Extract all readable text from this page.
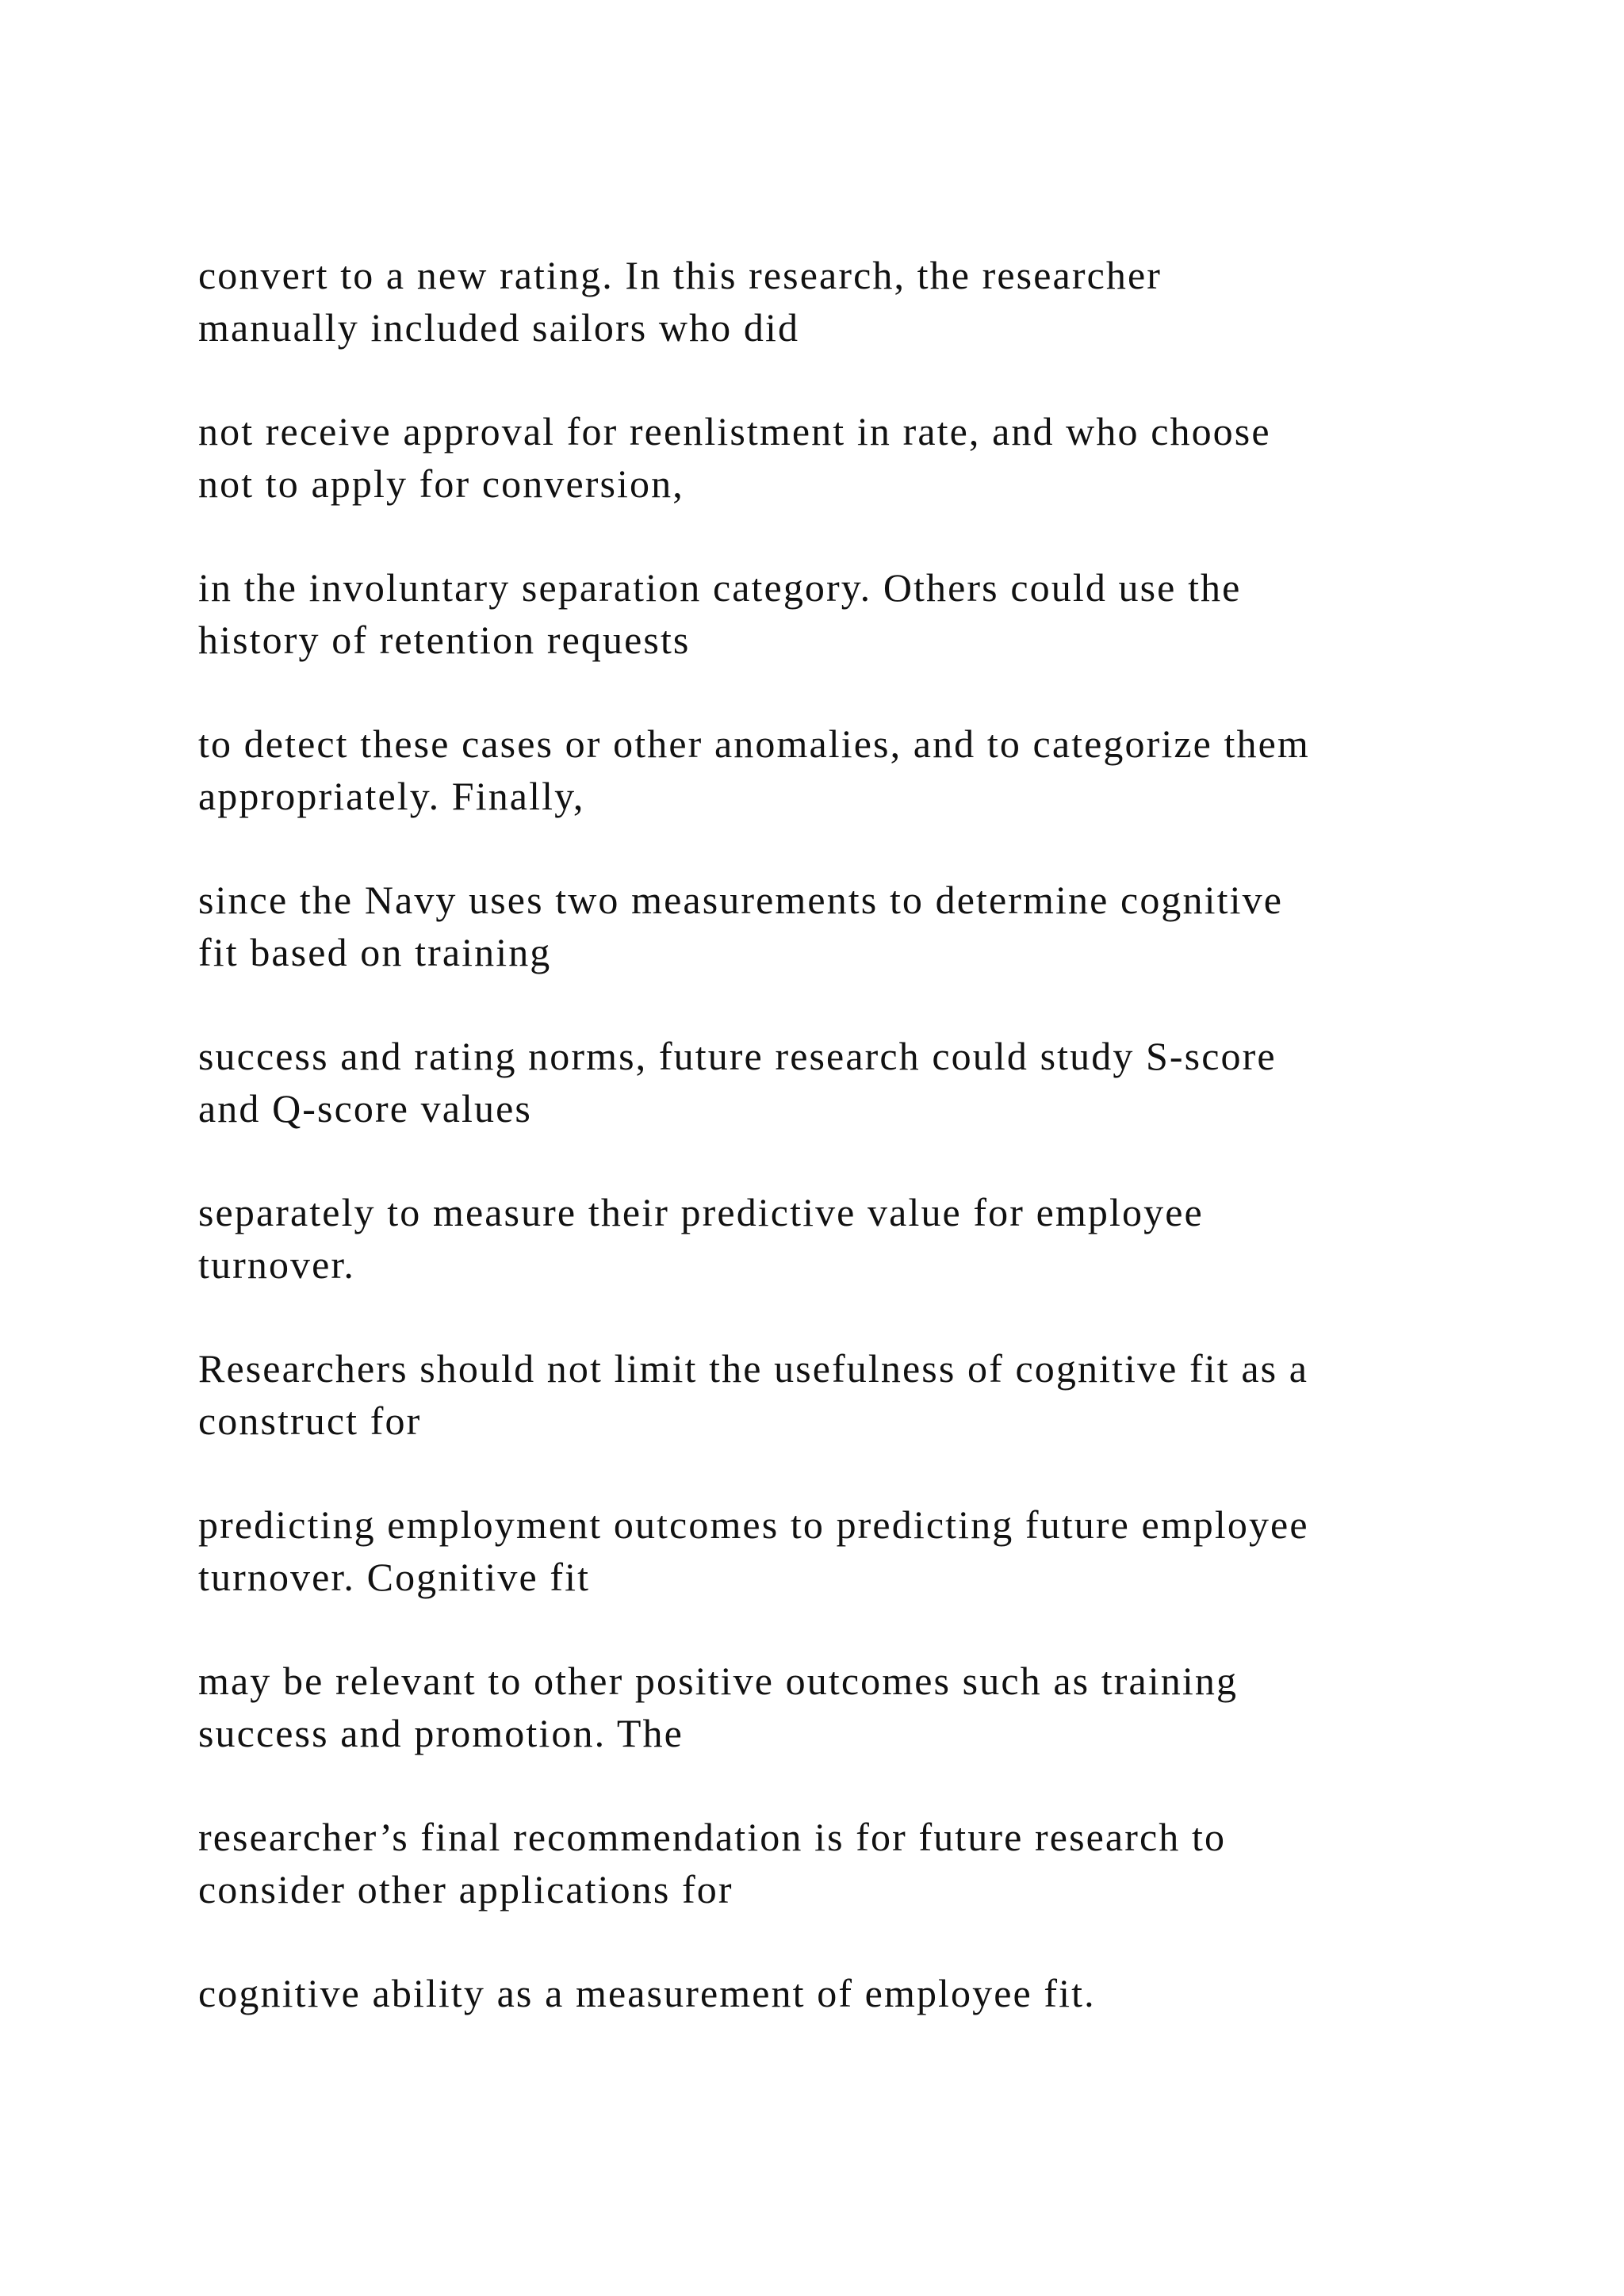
convert to a new rating. In this research, the researcher
manually included sailors who did

not receive approval for reenlistment in rate, and who choose
not to apply for conversion,

in the involuntary separation category. Others could use the
history of retention requests

to detect these cases or other anomalies, and to categorize them
appropriately. Finally,

since the Navy uses two measurements to determine cognitive
fit based on training

success and rating norms, future research could study S-score
and Q-score values

separately to measure their predictive value for employee
turnover.

Researchers should not limit the usefulness of cognitive fit as a
construct for

predicting employment outcomes to predicting future employee
turnover. Cognitive fit

may be relevant to other positive outcomes such as training
success and promotion. The

researcher’s final recommendation is for future research to
consider other applications for

cognitive ability as a measurement of employee fit.
